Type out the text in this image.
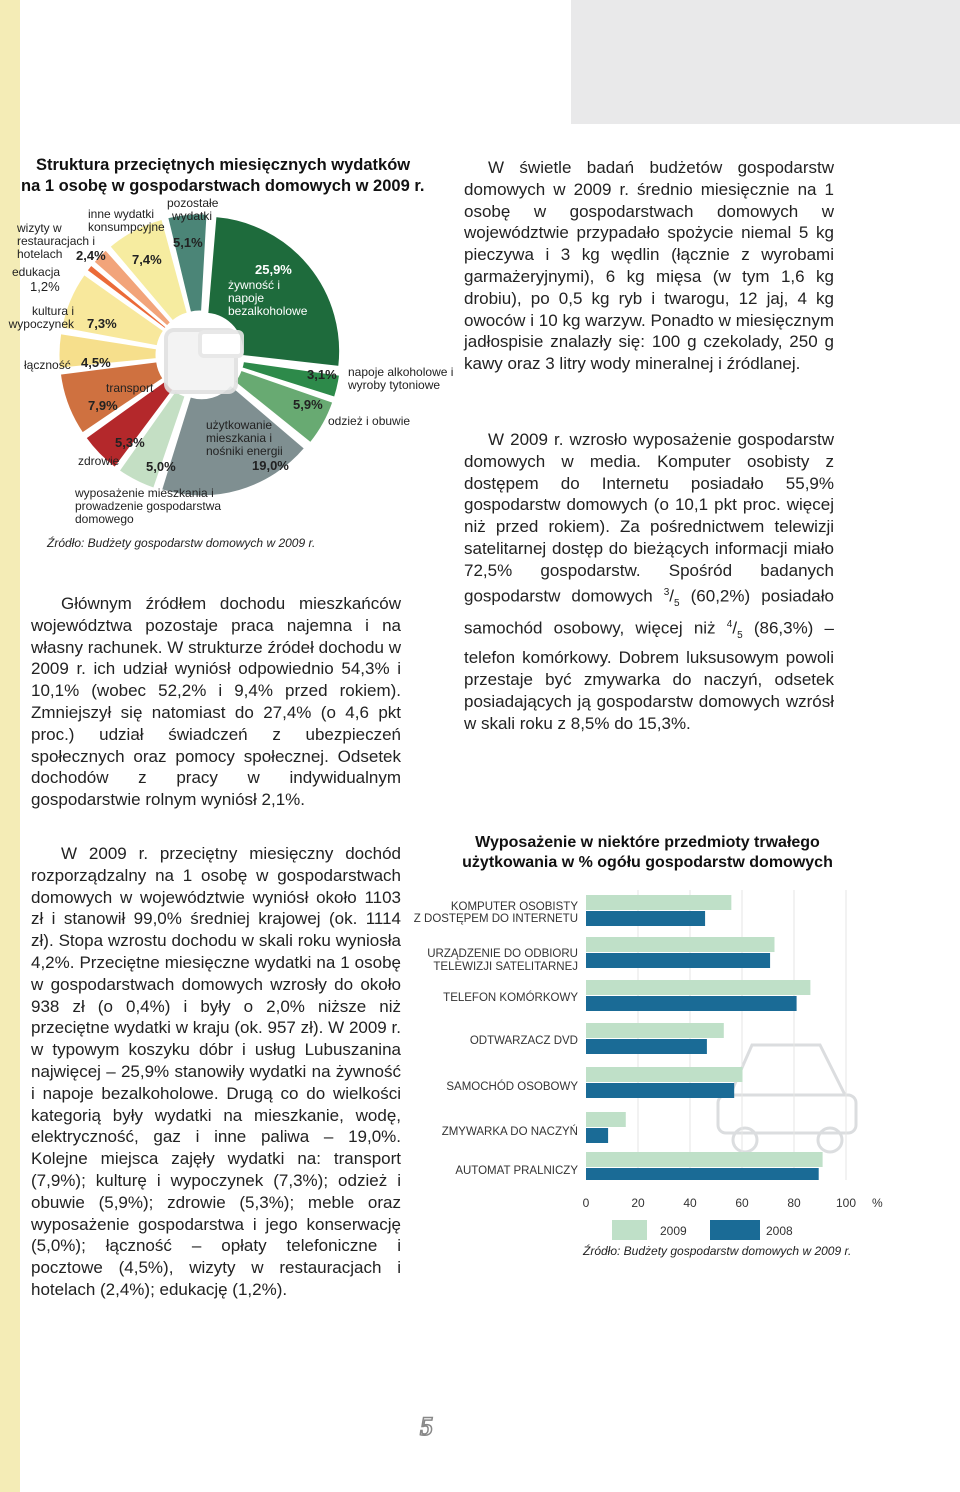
Struktura przeciętnych miesięcznych wydatków
na 1 osobę w gospodarstwach domowych w 2009 r.
25,9%
3,1%
5,9%
19,0%
5,0%
5,3%
7,9%
4,5%
7,3%
1,2%
2,4% 7,4%
5,1%
żywność i napoje bezalkoholowe
napoje alkoholowe i wyroby tytoniowe
odzież i obuwie
użytkowanie mieszkania i nośniki energii
wyposażenie mieszkania i prowadzenie gospodarstwa domowego
zdrowie
transport
łączność
kultura i wypoczynek
edukacja
wizyty w restauracjach i hotelach
inne wydatki konsumpcyjne
pozostałe wydatki
Źródło: Budżety gospodarstw domowych w 2009 r.

Głównym źródłem dochodu mieszkańców województwa pozostaje praca najemna i na własny rachunek. W strukturze źródeł dochodu w 2009 r. ich udział wyniósł odpowiednio 54,3% i 10,1% (wobec 52,2% i 9,4% przed rokiem). Zmniejszył się natomiast do 27,4% (o 4,6 pkt proc.) udział świadczeń z ubezpieczeń społecznych oraz pomocy społecznej. Odsetek dochodów z pracy w indywidualnym gospodarstwie rolnym wyniósł 2,1%.

W 2009 r. przeciętny miesięczny dochód rozporządzalny na 1 osobę w gospodarstwach domowych w województwie wyniósł około 1103 zł i stanowił 99,0% średniej krajowej (ok. 1114 zł). Stopa wzrostu dochodu w skali roku wyniosła 4,2%. Przeciętne miesięczne wydatki na 1 osobę w gospodarstwach domowych wzrosły do około 938 zł (o 0,4%) i były o 2,0% niższe niż przeciętne wydatki w kraju (ok. 957 zł). W 2009 r. w typowym koszyku dóbr i usług Lubuszanina najwięcej – 25,9% stanowiły wydatki na żywność i napoje bezalkoholowe. Drugą co do wielkości kategorią były wydatki na mieszkanie, wodę, elektryczność, gaz i inne paliwa – 19,0%. Kolejne miejsca zajęły wydatki na: transport (7,9%); kulturę i wypoczynek (7,3%); odzież i obuwie (5,9%); zdrowie (5,3%); meble oraz wyposażenie gospodarstwa i jego konserwację (5,0%); łączność – opłaty telefoniczne i pocztowe (4,5%), wizyty w restauracjach i hotelach (2,4%); edukację (1,2%).

W świetle badań budżetów gospodarstw domowych w 2009 r. średnio miesięcznie na 1 osobę w gospodarstwach domowych w województwie przypadało spożycie niemal 5 kg pieczywa i 3 kg wędlin (łącznie z wyrobami garmażeryjnymi), 6 kg mięsa (w tym 1,6 kg drobiu), po 0,5 kg ryb i twarogu, 12 jaj, 4 kg owoców i 10 kg warzyw. Ponadto w miesięcznym jadłospisie znalazły się: 100 g czekolady, 250 g kawy oraz 3 litry wody mineralnej i źródlanej.

W 2009 r. wzrosło wyposażenie gospodarstw domowych w media. Komputer osobisty z dostępem do Internetu posiadało 55,9% gospodarstw domowych (o 10,1 pkt proc. więcej niż przed rokiem). Za pośrednictwem telewizji satelitarnej dostęp do bieżących informacji miało 72,5% gospodarstw. Spośród badanych gospodarstw domowych $^3/_5$ (60,2%) posiadało samochód osobowy, więcej niż $^4/_5$ (86,3%) – telefon komórkowy. Dobrem luksusowym powoli przestaje być zmywarka do naczyń, odsetek posiadających ją gospodarstw domowych wzrósł w skali roku z 8,5% do 15,3%.

Wyposażenie w niektóre przedmioty trwałego
użytkowania w % ogółu gospodarstw domowych
KOMPUTER OSOBISTY
Z DOSTĘPEM DO INTERNETU
URZĄDZENIE DO ODBIORU
TELEWIZJI SATELITARNEJ
TELEFON KOMÓRKOWY
ODTWARZACZ DVD
SAMOCHÓD OSOBOWY
ZMYWARKA DO NACZYŃ
AUTOMAT PRALNICZY
0	20	40	60	80	100 %
2009	2008
Źródło: Budżety gospodarstw domowych w 2009 r.
5
